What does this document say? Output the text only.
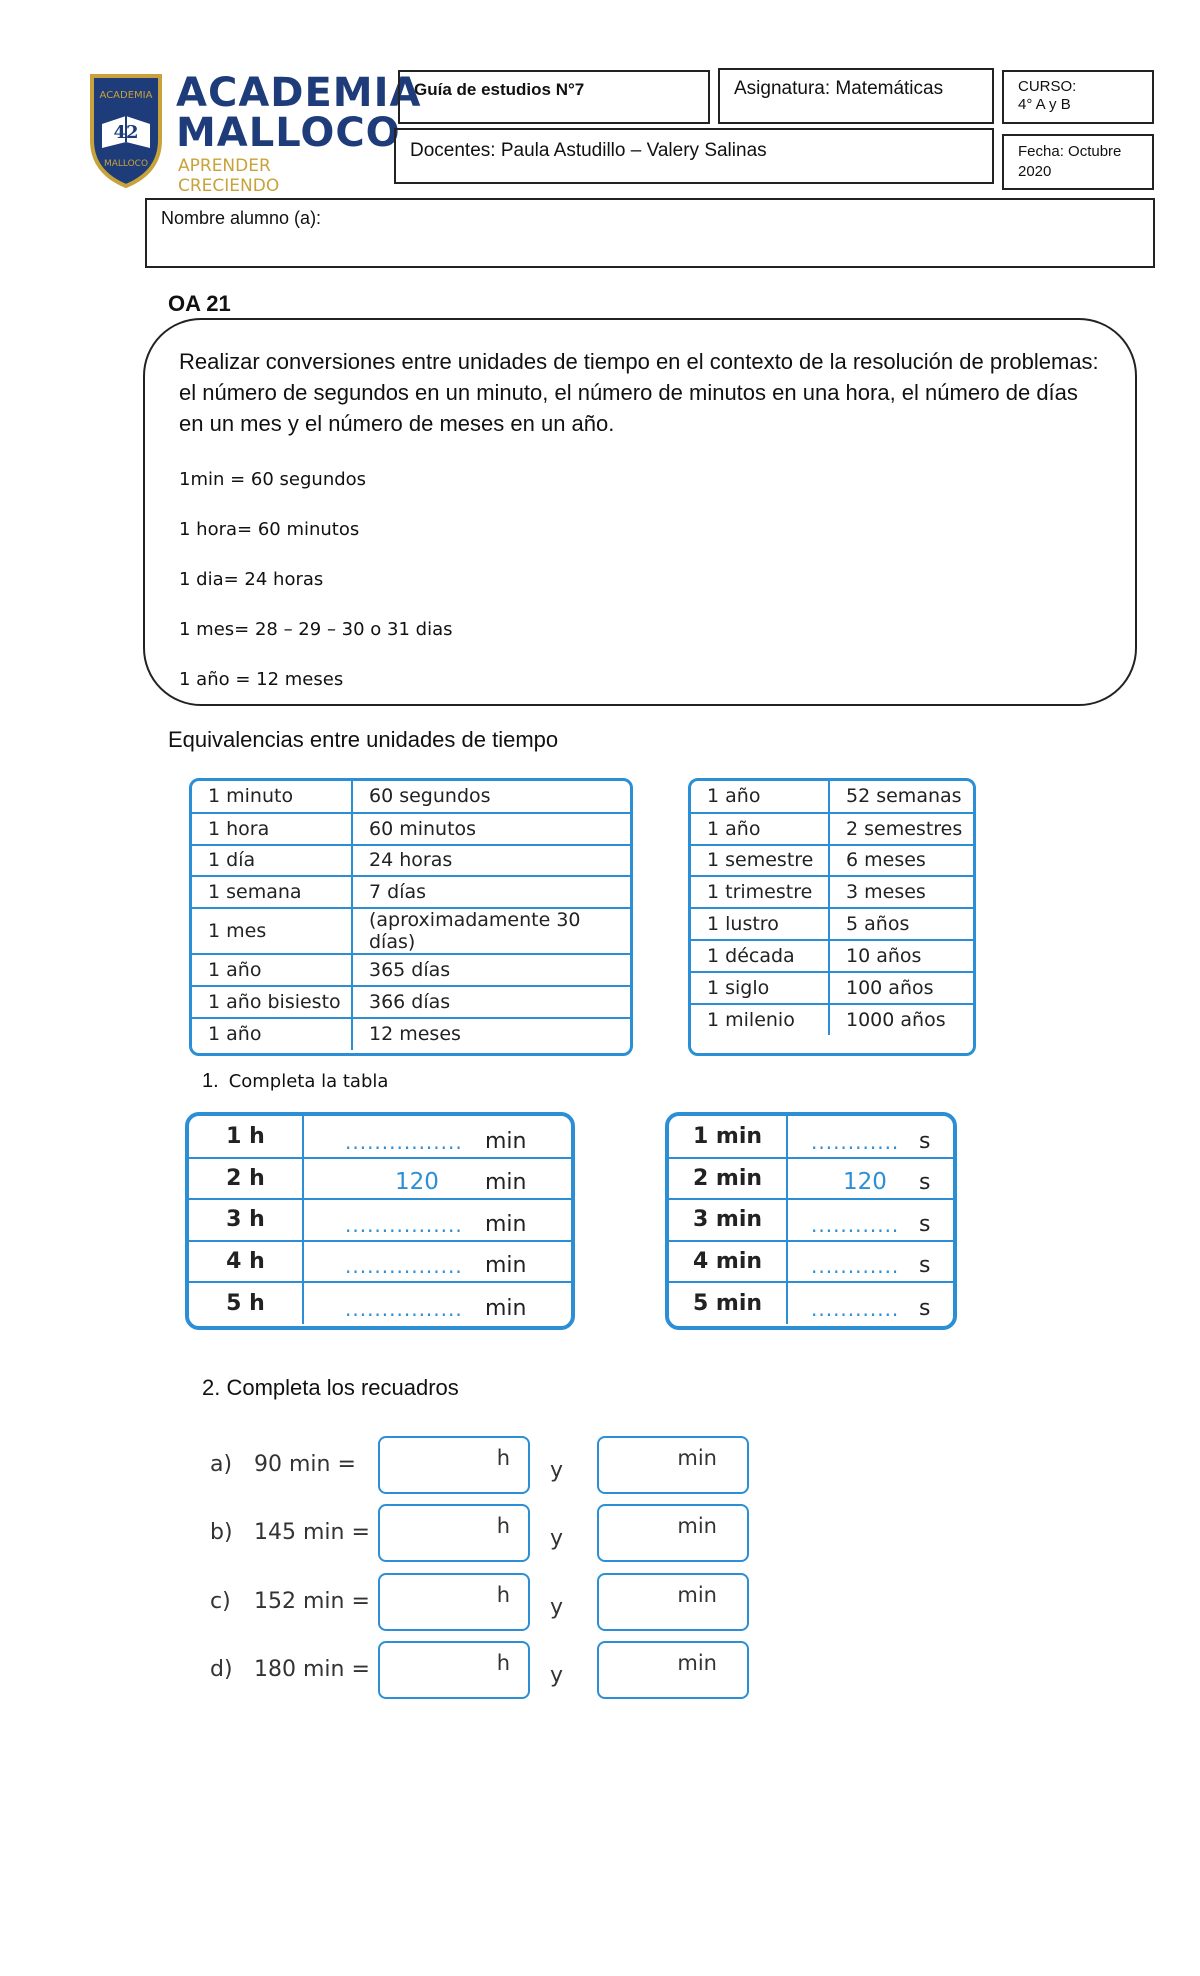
ACADEMIA
42
MALLOCO
ACADEMIA
MALLOCO
APRENDER CRECIENDO
Guía de estudios N°7	Asignatura: Matemáticas	CURSO:
4° A y B
Docentes: Paula Astudillo – Valery Salinas	Fecha: Octubre
2020
Nombre alumno (a):
OA 21

Realizar conversiones entre unidades de tiempo en el contexto de la resolución de problemas: el número de segundos en un minuto, el número de minutos en una hora, el número de días en un mes y el número de meses en un año.

1min = 60 segundos

1 hora= 60 minutos

1 dia= 24 horas

1 mes= 28 – 29 – 30 o 31 dias

1 año = 12 meses

Equivalencias entre unidades de tiempo
1 minuto	60 segundos
1 hora	60 minutos
1 día	24 horas
1 semana	7 días
1 mes	(aproximadamente 30 días)
1 año	365 días
1 año bisiesto	366 días
1 año	12 meses
1 año	52 semanas
1 año	2 semestres
1 semestre	6 meses
1 trimestre	3 meses
1 lustro	5 años
1 década	10 años
1 siglo	100 años
1 milenio	1000 años
1. Completa la tabla
1 h	................ min

2 h	120 min

3 h	................ min

4 h	................ min

5 h	................ min
1 min	............ s

2 min	120 s

3 min	............ s

4 min	............ s

5 min	............ s
2. Completa los recuadros
a) 90 min =	h	y	min
b) 145 min =	h	y	min
c) 152 min =	h	y	min
d) 180 min =	h	y	min
